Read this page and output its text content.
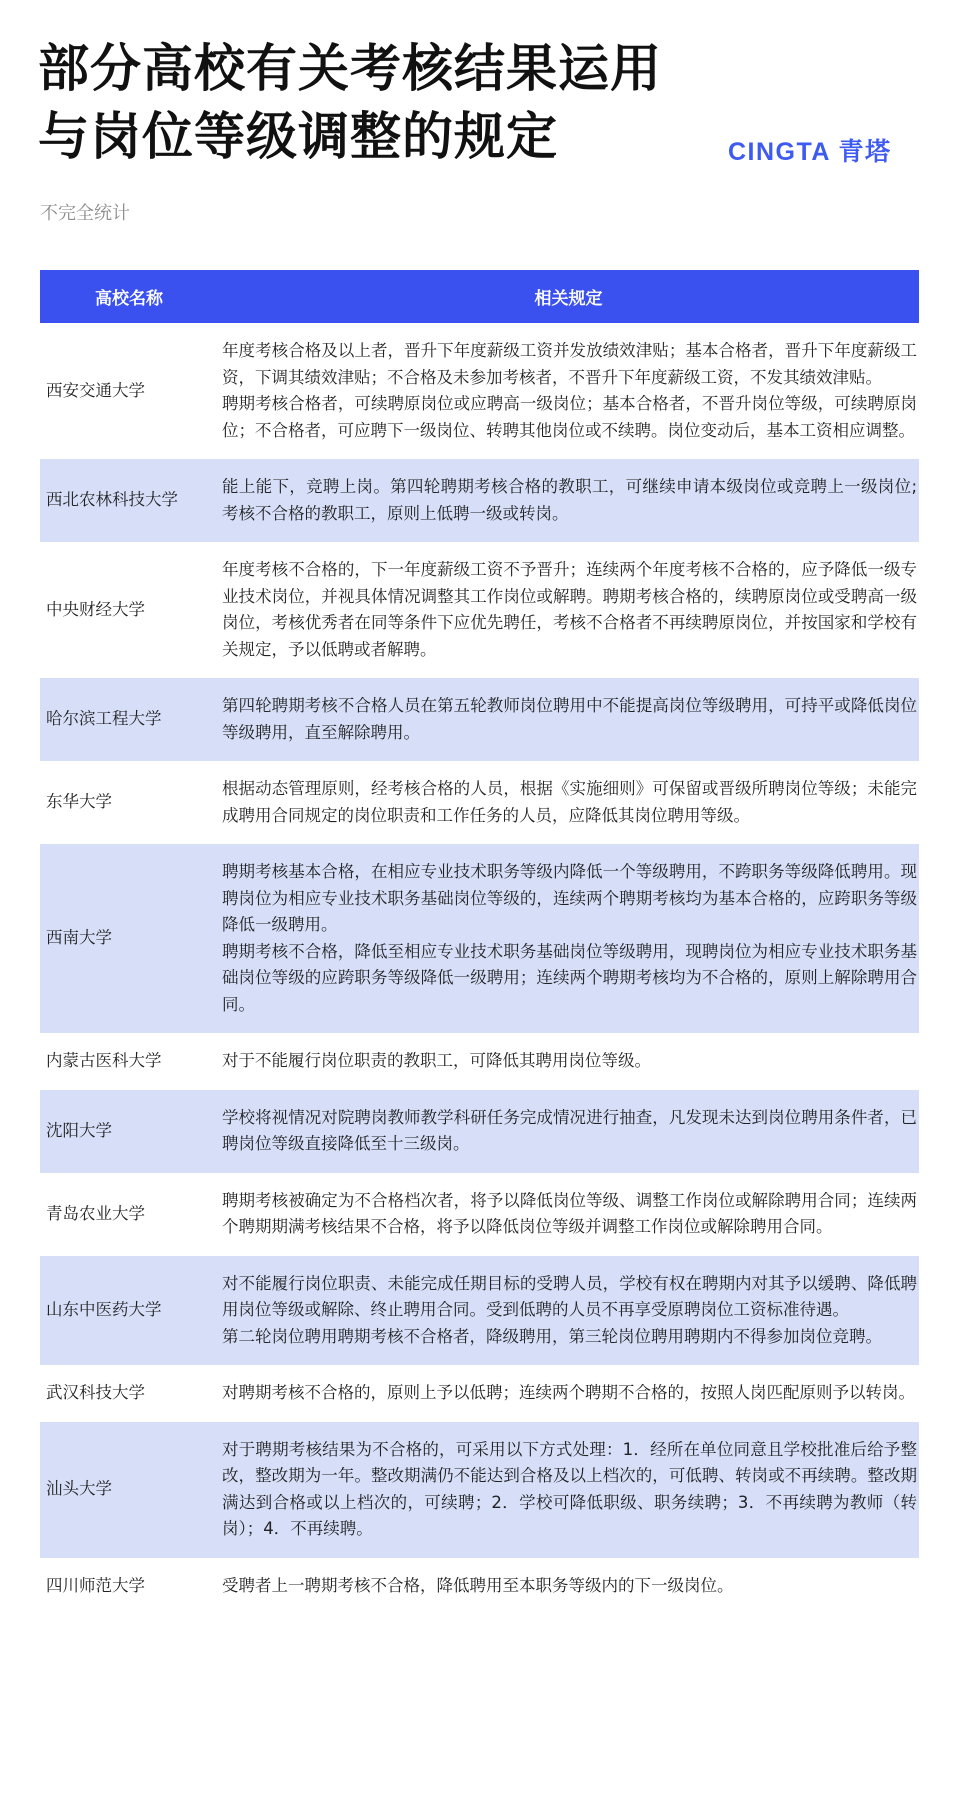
部分高校有关考核结果运用
与岗位等级调整的规定	CINGTA 青塔
不完全统计
高校名称	相关规定
西安交通大学	年度考核合格及以上者，晋升下年度薪级工资并发放绩效津贴；基本合格者，晋升下年度薪级工资，下调其绩效津贴；不合格及未参加考核者，不晋升下年度薪级工资，不发其绩效津贴。
聘期考核合格者，可续聘原岗位或应聘高一级岗位；基本合格者，不晋升岗位等级，可续聘原岗位；不合格者，可应聘下一级岗位、转聘其他岗位或不续聘。岗位变动后，基本工资相应调整。

西北农林科技大学	能上能下，竞聘上岗。第四轮聘期考核合格的教职工，可继续申请本级岗位或竞聘上一级岗位;考核不合格的教职工，原则上低聘一级或转岗。

中央财经大学	年度考核不合格的，下一年度薪级工资不予晋升；连续两个年度考核不合格的，应予降低一级专业技术岗位，并视具体情况调整其工作岗位或解聘。聘期考核合格的，续聘原岗位或受聘高一级岗位，考核优秀者在同等条件下应优先聘任，考核不合格者不再续聘原岗位，并按国家和学校有关规定，予以低聘或者解聘。

哈尔滨工程大学	第四轮聘期考核不合格人员在第五轮教师岗位聘用中不能提高岗位等级聘用，可持平或降低岗位等级聘用，直至解除聘用。

东华大学	根据动态管理原则，经考核合格的人员，根据《实施细则》可保留或晋级所聘岗位等级；未能完成聘用合同规定的岗位职责和工作任务的人员，应降低其岗位聘用等级。

西南大学	聘期考核基本合格，在相应专业技术职务等级内降低一个等级聘用，不跨职务等级降低聘用。现聘岗位为相应专业技术职务基础岗位等级的，连续两个聘期考核均为基本合格的，应跨职务等级降低一级聘用。
聘期考核不合格，降低至相应专业技术职务基础岗位等级聘用，现聘岗位为相应专业技术职务基础岗位等级的应跨职务等级降低一级聘用；连续两个聘期考核均为不合格的，原则上解除聘用合同。

内蒙古医科大学	对于不能履行岗位职责的教职工，可降低其聘用岗位等级。

沈阳大学	学校将视情况对院聘岗教师教学科研任务完成情况进行抽查，凡发现未达到岗位聘用条件者，已聘岗位等级直接降低至十三级岗。

青岛农业大学	聘期考核被确定为不合格档次者，将予以降低岗位等级、调整工作岗位或解除聘用合同；连续两个聘期期满考核结果不合格，将予以降低岗位等级并调整工作岗位或解除聘用合同。

山东中医药大学	对不能履行岗位职责、未能完成任期目标的受聘人员，学校有权在聘期内对其予以缓聘、降低聘用岗位等级或解除、终止聘用合同。受到低聘的人员不再享受原聘岗位工资标准待遇。
第二轮岗位聘用聘期考核不合格者，降级聘用，第三轮岗位聘用聘期内不得参加岗位竞聘。

武汉科技大学	对聘期考核不合格的，原则上予以低聘；连续两个聘期不合格的，按照人岗匹配原则予以转岗。

汕头大学	对于聘期考核结果为不合格的，可采用以下方式处理：1．经所在单位同意且学校批准后给予整改，整改期为一年。整改期满仍不能达到合格及以上档次的，可低聘、转岗或不再续聘。整改期满达到合格或以上档次的，可续聘；2．学校可降低职级、职务续聘；3．不再续聘为教师（转岗）；4．不再续聘。

四川师范大学	受聘者上一聘期考核不合格，降低聘用至本职务等级内的下一级岗位。
